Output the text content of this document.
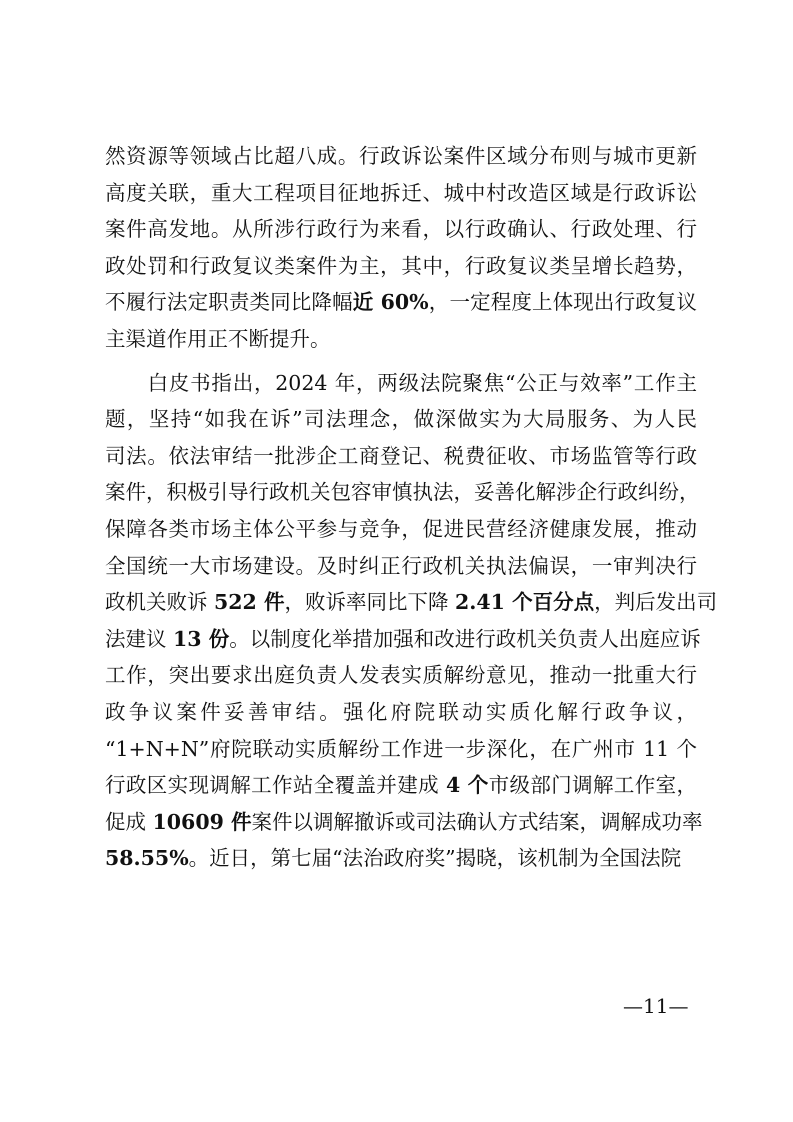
然资源等领域占比超八成。行政诉讼案件区域分布则与城市更新
高度关联，重大工程项目征地拆迁、城中村改造区域是行政诉讼
案件高发地。从所涉行政行为来看，以行政确认、行政处理、行
政处罚和行政复议类案件为主，其中，行政复议类呈增长趋势，
不履行法定职责类同比降幅近 60%，一定程度上体现出行政复议
主渠道作用正不断提升。
　　白皮书指出，2024 年，两级法院聚焦“公正与效率”工作主
题，坚持“如我在诉”司法理念，做深做实为大局服务、为人民
司法。依法审结一批涉企工商登记、税费征收、市场监管等行政
案件，积极引导行政机关包容审慎执法，妥善化解涉企行政纠纷，
保障各类市场主体公平参与竞争，促进民营经济健康发展，推动
全国统一大市场建设。及时纠正行政机关执法偏误，一审判决行
政机关败诉 522 件，败诉率同比下降 2.41 个百分点，判后发出司
法建议 13 份。以制度化举措加强和改进行政机关负责人出庭应诉
工作，突出要求出庭负责人发表实质解纷意见，推动一批重大行
政争议案件妥善审结。强化府院联动实质化解行政争议，
“1+N+N”府院联动实质解纷工作进一步深化，在广州市 11 个
行政区实现调解工作站全覆盖并建成 4 个市级部门调解工作室，
促成 10609 件案件以调解撤诉或司法确认方式结案，调解成功率
58.55%。近日，第七届“法治政府奖”揭晓，该机制为全国法院
—11—
